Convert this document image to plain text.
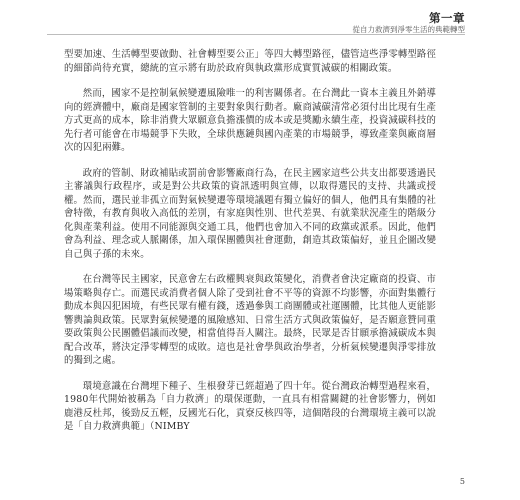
第一章
從自力救濟到淨零生活的典範轉型

型要加速、生活轉型要啟動、社會轉型要公正」等四大轉型路徑，儘管這些淨零轉型路徑的細節尚待充實，總統的宣示將有助於政府與執政黨形成實質減碳的相關政策。

然而，國家不是控制氣候變遷風險唯一的利害關係者。在台灣此一資本主義且外銷導向的經濟體中，廠商是國家管制的主要對象與行動者。廠商減碳清常必須付出比現有生產方式更高的成本，除非消費大眾願意負擔漲價的成本或是獎勵永續生產，投資減碳科技的先行者可能會在市場競爭下失敗，全球供應鏈與國內產業的市場競爭，導致產業與廠商層次的囚犯兩難。

政府的管制、財政補貼或罰前會影響廠商行為，在民主國家這些公共支出都要透過民主審議與行政程序，或是對公共政策的資訊透明與宣傳，以取得選民的支持、共識或授權。然而，選民並非孤立而對氣候變遷等環境議題有獨立偏好的個人，他們具有集體的社會特徵，有教育與收入高低的差別，有家庭與性別、世代差異、有就業狀況產生的階級分化與產業利益。使用不同能源與交通工具，他們也會加入不同的政黨或派系。因此，他們會為利益、理念或人脈關係，加入環保團體與社會運動，創造其政策偏好，並且企圖改變自己與子孫的未來。

在台灣等民主國家，民意會左右政權興衰與政策變化，消費者會決定廠商的投資、市場策略與存亡。而選民或消費者個人除了受到社會不平等的資源不均影響，亦面對集體行動成本與囚犯困境，有些民眾有權有錢，透過參與工商團體或社運團體，比其他人更能影響輿論與政策。民眾對氣候變遷的風險感知、日常生活方式與政策偏好，是否願意贊同重要政策與公民團體倡議而改變，相當值得吾人關注。最終，民眾是否甘願承擔減碳成本與配合改革，將決定淨零轉型的成敗。這也是社會學與政治學者，分析氣候變遷與淨零排放的獨到之處。

環境意識在台灣埋下種子、生根發芽已經超過了四十年。從台灣政治轉型過程來看，1980年代開始被稱為「自力救濟」的環保運動，一直具有相當關鍵的社會影響力，例如鹿港反杜邦，後勁反五輕，反國光石化，貢寮反核四等，這個階段的台灣環境主義可以說是「自力救濟典範」（NIMBY

5
